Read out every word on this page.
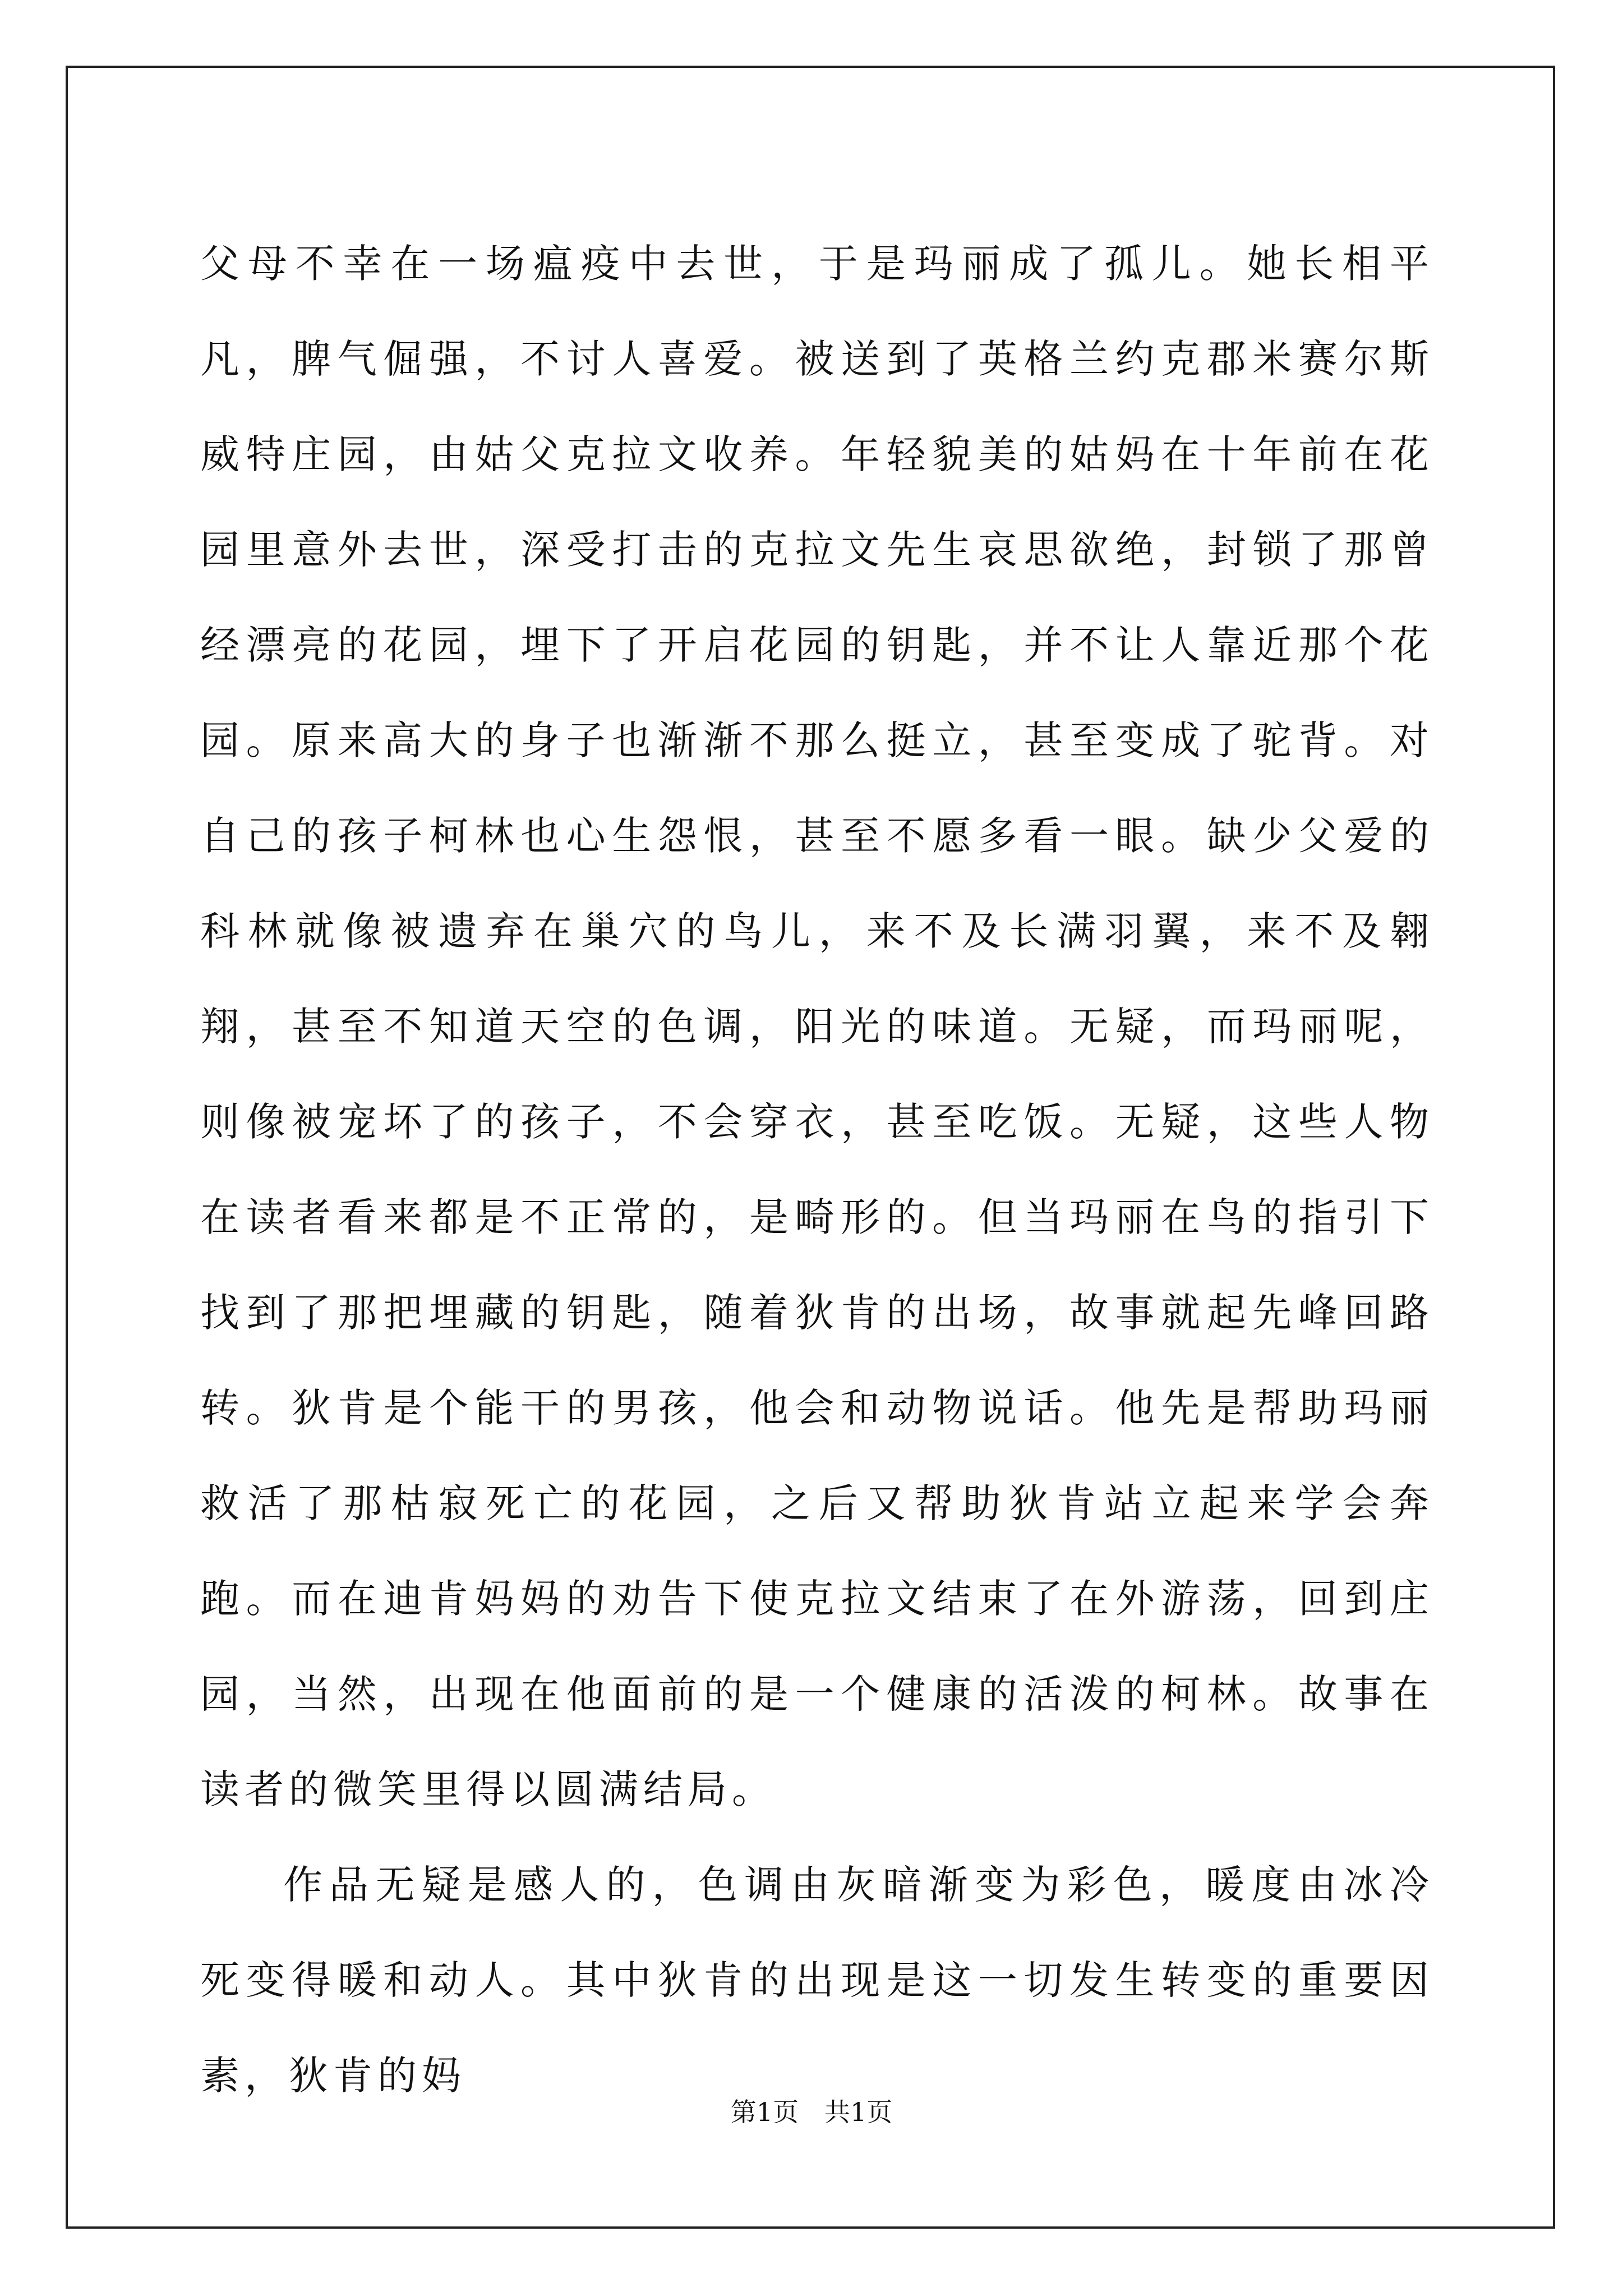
父母不幸在一场瘟疫中去世，于是玛丽成了孤儿。她长相平凡，脾气倔强，不讨人喜爱。被送到了英格兰约克郡米赛尔斯威特庄园，由姑父克拉文收养。年轻貌美的姑妈在十年前在花园里意外去世，深受打击的克拉文先生哀思欲绝，封锁了那曾经漂亮的花园，埋下了开启花园的钥匙，并不让人靠近那个花园。原来高大的身子也渐渐不那么挺立，甚至变成了驼背。对自己的孩子柯林也心生怨恨，甚至不愿多看一眼。缺少父爱的科林就像被遗弃在巢穴的鸟儿，来不及长满羽翼，来不及翱翔，甚至不知道天空的色调，阳光的味道。无疑，而玛丽呢，则像被宠坏了的孩子，不会穿衣，甚至吃饭。无疑，这些人物在读者看来都是不正常的，是畸形的。但当玛丽在鸟的指引下找到了那把埋藏的钥匙，随着狄肯的出场，故事就起先峰回路转。狄肯是个能干的男孩，他会和动物说话。他先是帮助玛丽救活了那枯寂死亡的花园，之后又帮助狄肯站立起来学会奔跑。而在迪肯妈妈的劝告下使克拉文结束了在外游荡，回到庄园，当然，出现在他面前的是一个健康的活泼的柯林。故事在读者的微笑里得以圆满结局。

作品无疑是感人的，色调由灰暗渐变为彩色，暖度由冰冷死变得暖和动人。其中狄肯的出现是这一切发生转变的重要因素，狄肯的妈

第1页　共1页
